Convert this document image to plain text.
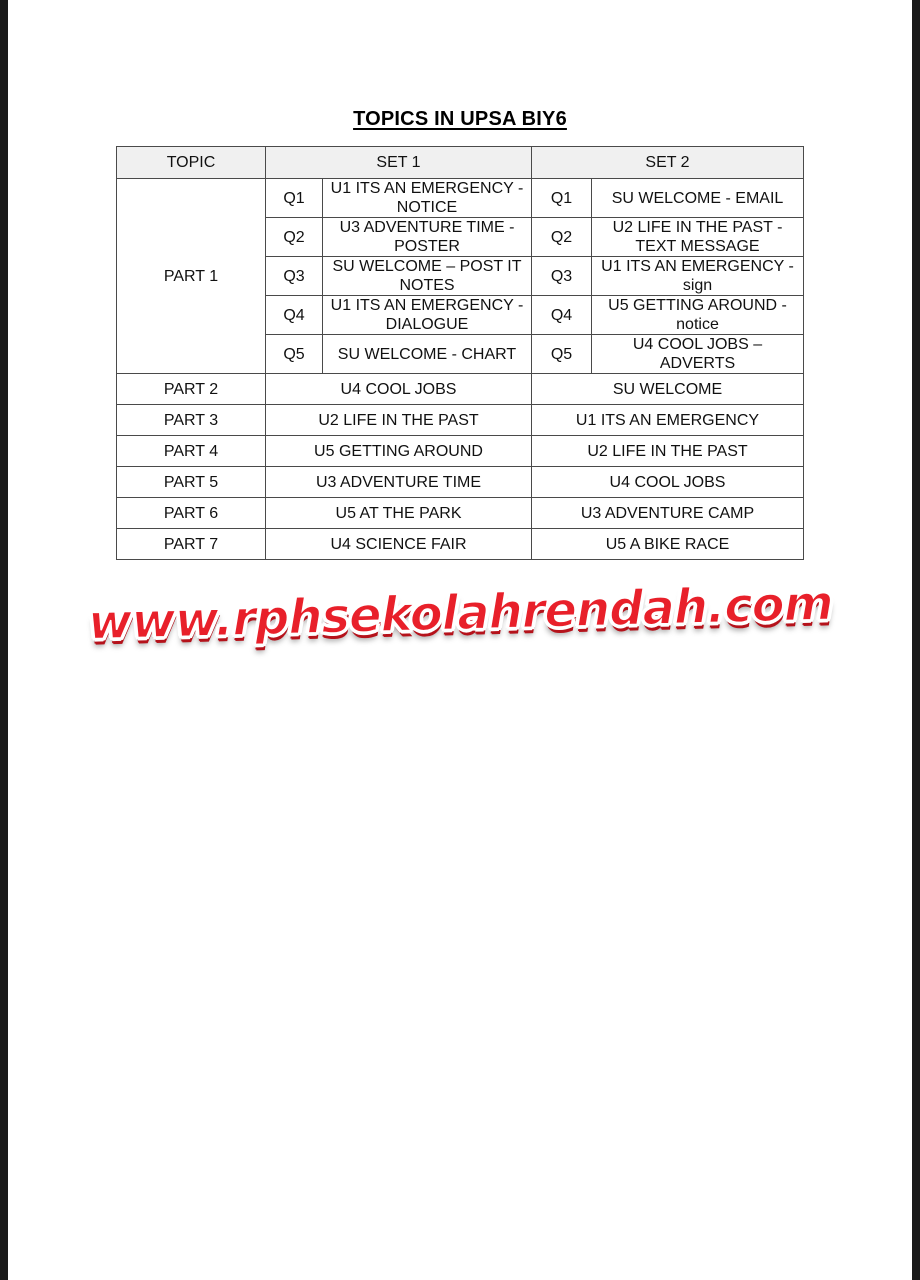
TOPICS IN UPSA BIY6
TOPIC	SET 1		SET 2	
PART 1	Q1	U1 ITS AN EMERGENCY - NOTICE	Q1	SU WELCOME - EMAIL
	Q2	U3 ADVENTURE TIME - POSTER	Q2	U2 LIFE IN THE PAST - TEXT MESSAGE
	Q3	SU WELCOME – POST IT NOTES	Q3	U1 ITS AN EMERGENCY - sign
	Q4	U1 ITS AN EMERGENCY - DIALOGUE	Q4	U5 GETTING AROUND - notice
	Q5	SU WELCOME - CHART	Q5	U4 COOL JOBS – ADVERTS
PART 2	U4 COOL JOBS		SU WELCOME	
PART 3	U2 LIFE IN THE PAST		U1 ITS AN EMERGENCY	
PART 4	U5 GETTING AROUND		U2 LIFE IN THE PAST	
PART 5	U3 ADVENTURE TIME		U4 COOL JOBS	
PART 6	U5 AT THE PARK		U3 ADVENTURE CAMP	
PART 7	U4 SCIENCE FAIR		U5 A BIKE RACE	
www.rphsekolahrendah.com
